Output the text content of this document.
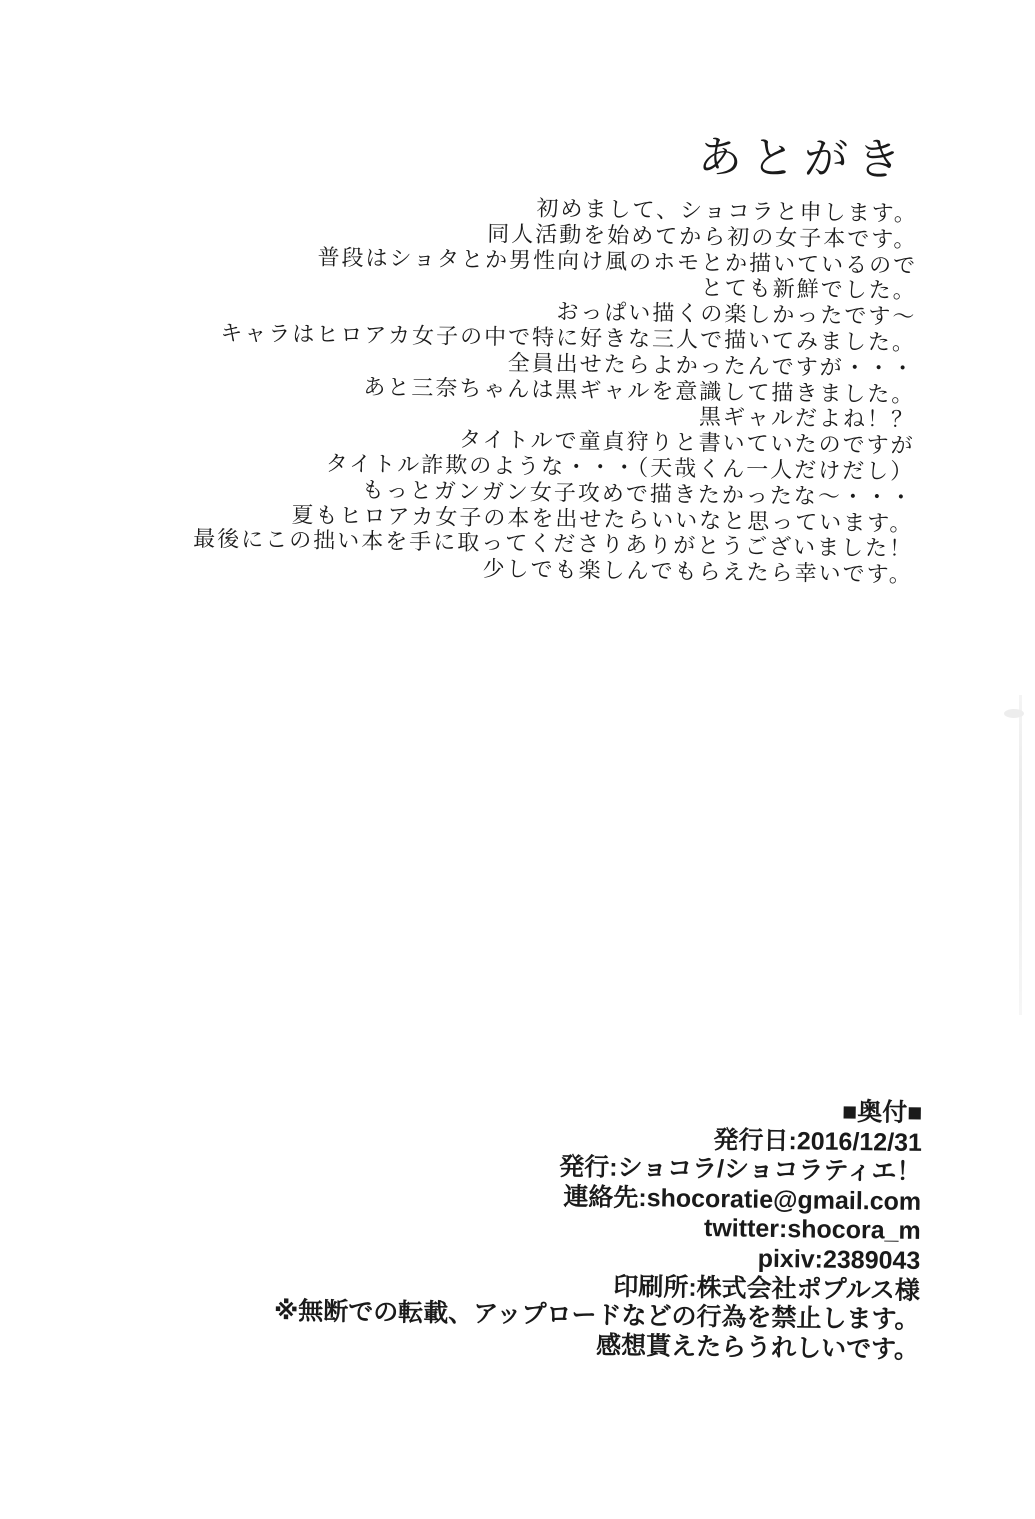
あとがき
初めまして、ショコラと申します。
同人活動を始めてから初の女子本です。
普段はショタとか男性向け風のホモとか描いているので
とても新鮮でした。
おっぱい描くの楽しかったです～
キャラはヒロアカ女子の中で特に好きな三人で描いてみました。
全員出せたらよかったんですが・・・
あと三奈ちゃんは黒ギャルを意識して描きました。
黒ギャルだよね！？
タイトルで童貞狩りと書いていたのですが
タイトル詐欺のような・・・（天哉くん一人だけだし）
もっとガンガン女子攻めで描きたかったな～・・・
夏もヒロアカ女子の本を出せたらいいなと思っています。
最後にこの拙い本を手に取ってくださりありがとうございました！
少しでも楽しんでもらえたら幸いです。
■奥付■
発行日:2016/12/31
発行:ショコラ/ショコラティエ！
連絡先:shocoratie@gmail.com
twitter:shocora_m
pixiv:2389043
印刷所:株式会社ポプルス様
※無断での転載、アップロードなどの行為を禁止します。
感想貰えたらうれしいです。
